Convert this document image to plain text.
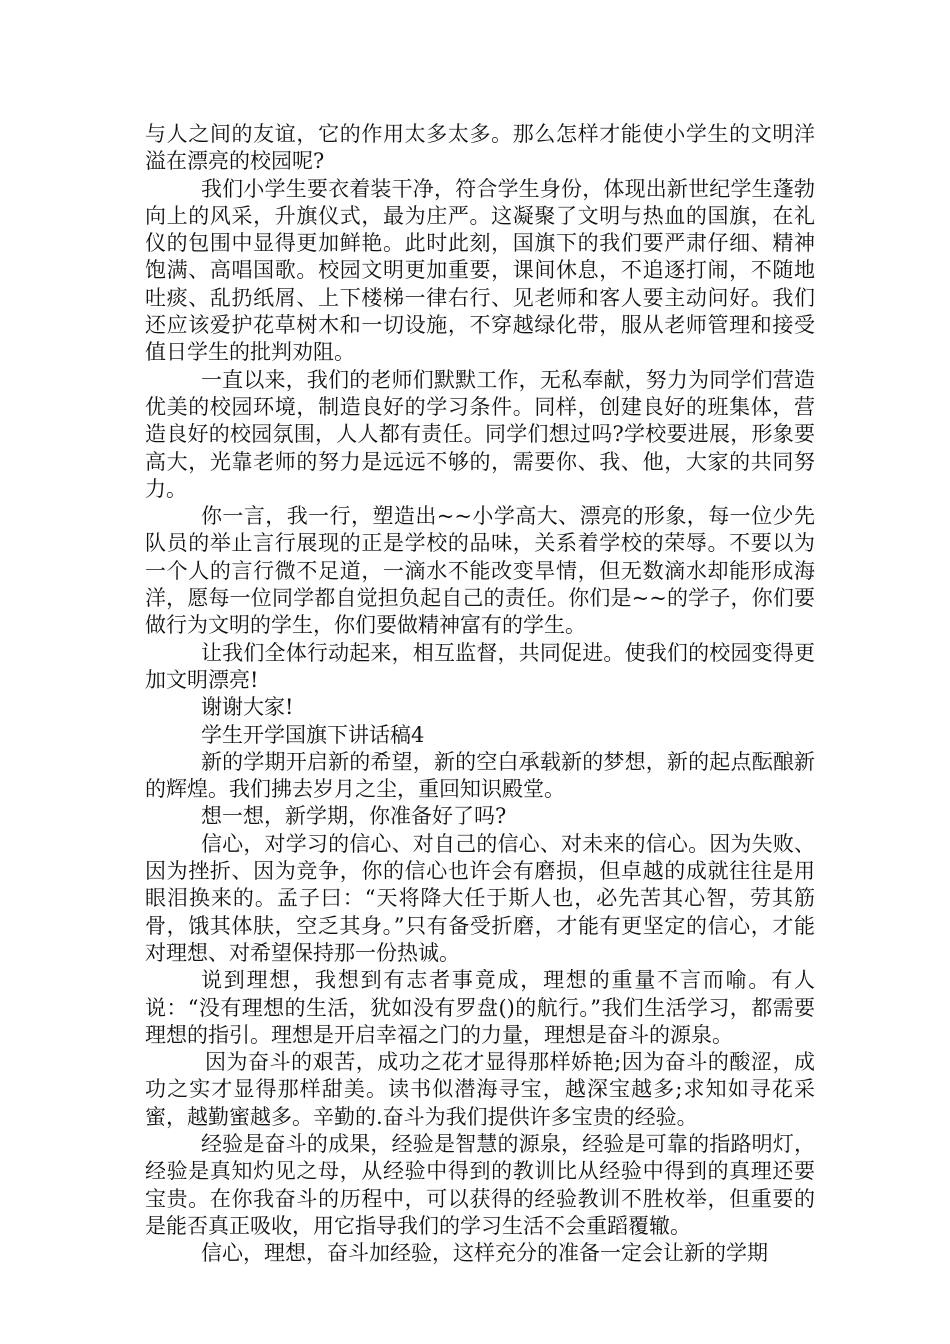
与人之间的友谊，它的作用太多太多。那么怎样才能使小学生的文明洋溢在漂亮的校园呢?

我们小学生要衣着装干净，符合学生身份，体现出新世纪学生蓬勃向上的风采，升旗仪式，最为庄严。这凝聚了文明与热血的国旗，在礼仪的包围中显得更加鲜艳。此时此刻，国旗下的我们要严肃仔细、精神饱满、高唱国歌。校园文明更加重要，课间休息，不追逐打闹，不随地吐痰、乱扔纸屑、上下楼梯一律右行、见老师和客人要主动问好。我们还应该爱护花草树木和一切设施，不穿越绿化带，服从老师管理和接受值日学生的批判劝阻。

一直以来，我们的老师们默默工作，无私奉献，努力为同学们营造优美的校园环境，制造良好的学习条件。同样，创建良好的班集体，营造良好的校园氛围，人人都有责任。同学们想过吗?学校要进展，形象要高大，光靠老师的努力是远远不够的，需要你、我、他，大家的共同努力。

你一言，我一行，塑造出~~小学高大、漂亮的形象，每一位少先队员的举止言行展现的正是学校的品味，关系着学校的荣辱。不要以为一个人的言行微不足道，一滴水不能改变旱情，但无数滴水却能形成海洋，愿每一位同学都自觉担负起自己的责任。你们是~~的学子，你们要做行为文明的学生，你们要做精神富有的学生。

让我们全体行动起来，相互监督，共同促进。使我们的校园变得更加文明漂亮!

谢谢大家!

学生开学国旗下讲话稿4

新的学期开启新的希望，新的空白承载新的梦想，新的起点酝酿新的辉煌。我们拂去岁月之尘，重回知识殿堂。

想一想，新学期，你准备好了吗?

信心，对学习的信心、对自己的信心、对未来的信心。因为失败、因为挫折、因为竞争，你的信心也许会有磨损，但卓越的成就往往是用眼泪换来的。孟子曰：“天将降大任于斯人也，必先苦其心智，劳其筋骨，饿其体肤，空乏其身。”只有备受折磨，才能有更坚定的信心，才能对理想、对希望保持那一份热诚。

说到理想，我想到有志者事竟成，理想的重量不言而喻。有人说：“没有理想的生活，犹如没有罗盘()的航行。”我们生活学习，都需要理想的指引。理想是开启幸福之门的力量，理想是奋斗的源泉。

因为奋斗的艰苦，成功之花才显得那样娇艳;因为奋斗的酸涩，成功之实才显得那样甜美。读书似潜海寻宝，越深宝越多;求知如寻花采蜜，越勤蜜越多。辛勤的.奋斗为我们提供许多宝贵的经验。

经验是奋斗的成果，经验是智慧的源泉，经验是可靠的指路明灯，经验是真知灼见之母，从经验中得到的教训比从经验中得到的真理还要宝贵。在你我奋斗的历程中，可以获得的经验教训不胜枚举，但重要的是能否真正吸收，用它指导我们的学习生活不会重蹈覆辙。

信心，理想，奋斗加经验，这样充分的准备一定会让新的学期
